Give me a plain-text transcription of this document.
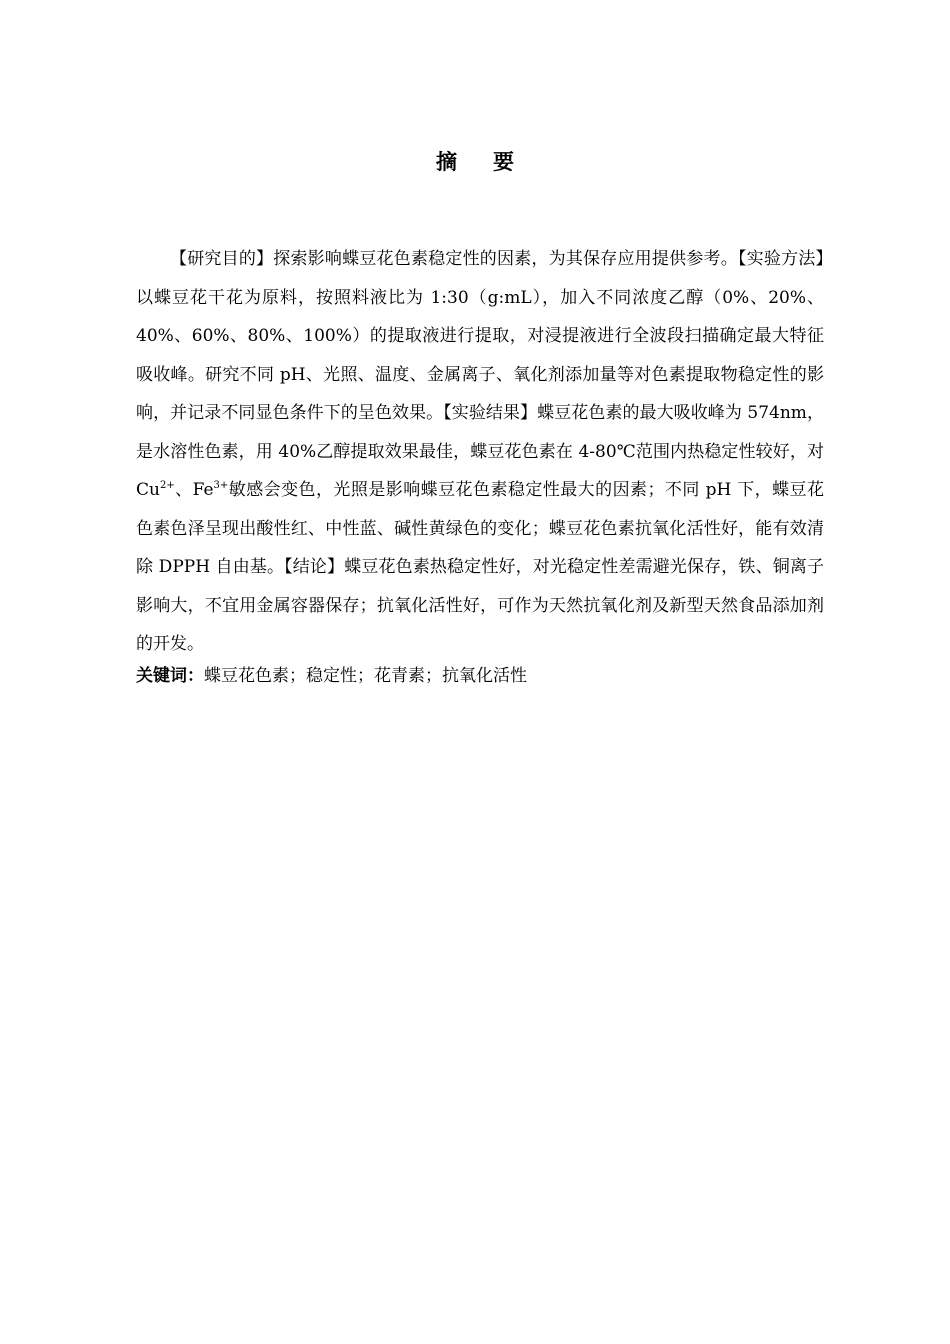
摘 要

【研究目的】探索影响蝶豆花色素稳定性的因素，为其保存应用提供参考。【实验方法】以蝶豆花干花为原料，按照料液比为 1:30（g:mL），加入不同浓度乙醇（0%、20%、40%、60%、80%、100%）的提取液进行提取，对浸提液进行全波段扫描确定最大特征吸收峰。研究不同 pH、光照、温度、金属离子、氧化剂添加量等对色素提取物稳定性的影响，并记录不同显色条件下的呈色效果。【实验结果】蝶豆花色素的最大吸收峰为 574nm，是水溶性色素，用 40%乙醇提取效果最佳，蝶豆花色素在 4-80℃范围内热稳定性较好，对 $Cu^{2+}$、$Fe^{3+}$敏感会变色，光照是影响蝶豆花色素稳定性最大的因素；不同 pH 下，蝶豆花色素色泽呈现出酸性红、中性蓝、碱性黄绿色的变化；蝶豆花色素抗氧化活性好，能有效清除 DPPH 自由基。【结论】蝶豆花色素热稳定性好，对光稳定性差需避光保存，铁、铜离子影响大，不宜用金属容器保存；抗氧化活性好，可作为天然抗氧化剂及新型天然食品添加剂的开发。

关键词：蝶豆花色素；稳定性；花青素；抗氧化活性
